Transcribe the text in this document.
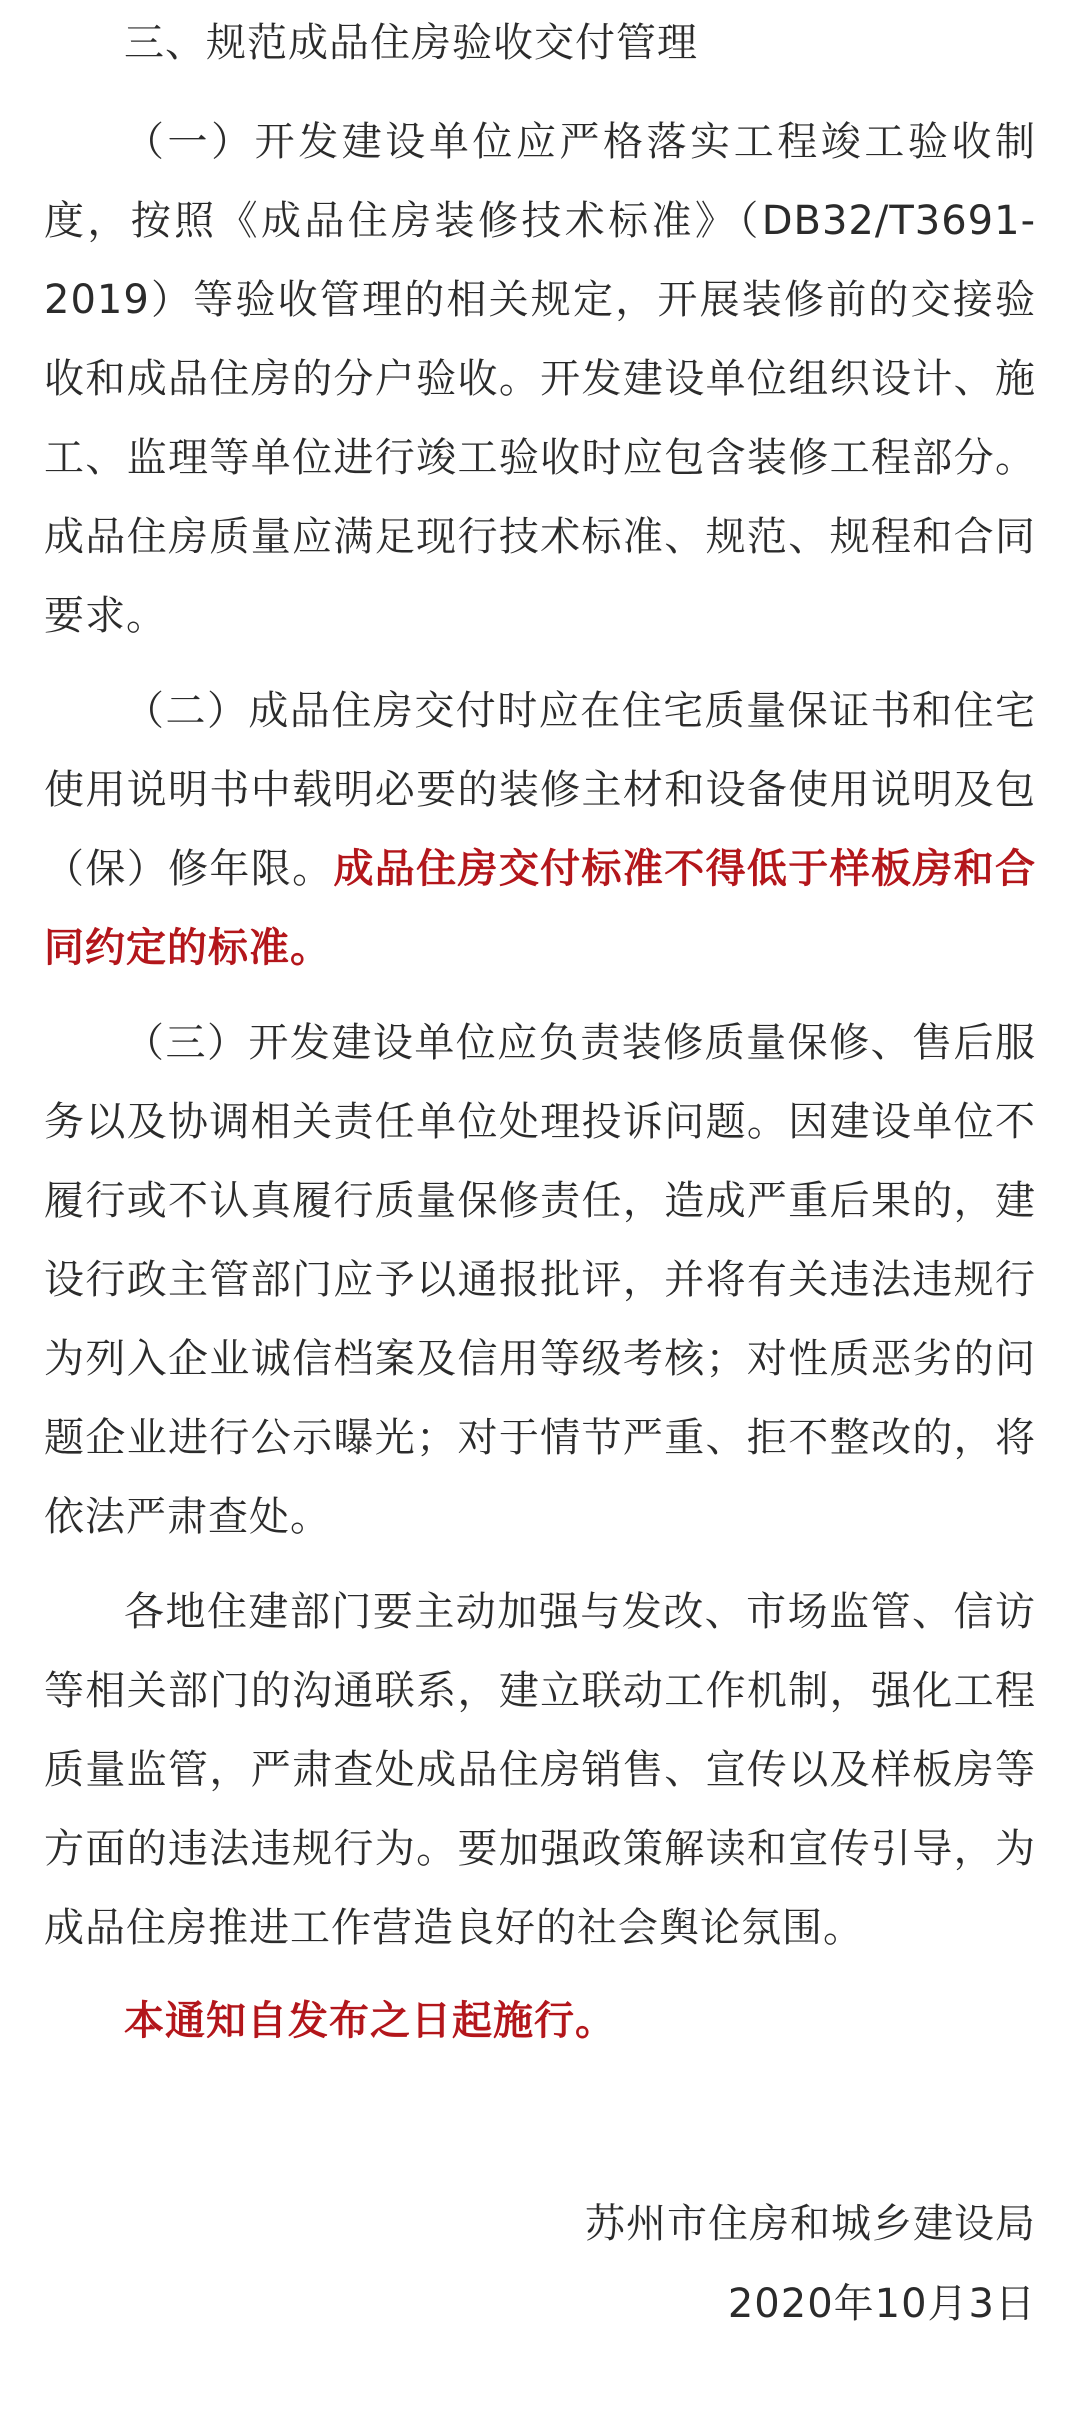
三、规范成品住房验收交付管理

（一）开发建设单位应严格落实工程竣工验收制度，按照《成品住房装修技术标准》（DB32/T3691-2019）等验收管理的相关规定，开展装修前的交接验收和成品住房的分户验收。开发建设单位组织设计、施工、监理等单位进行竣工验收时应包含装修工程部分。成品住房质量应满足现行技术标准、规范、规程和合同要求。

（二）成品住房交付时应在住宅质量保证书和住宅使用说明书中载明必要的装修主材和设备使用说明及包（保）修年限。成品住房交付标准不得低于样板房和合同约定的标准。

（三）开发建设单位应负责装修质量保修、售后服务以及协调相关责任单位处理投诉问题。因建设单位不履行或不认真履行质量保修责任，造成严重后果的，建设行政主管部门应予以通报批评，并将有关违法违规行为列入企业诚信档案及信用等级考核；对性质恶劣的问题企业进行公示曝光；对于情节严重、拒不整改的，将依法严肃查处。

各地住建部门要主动加强与发改、市场监管、信访等相关部门的沟通联系，建立联动工作机制，强化工程质量监管，严肃查处成品住房销售、宣传以及样板房等方面的违法违规行为。要加强政策解读和宣传引导，为成品住房推进工作营造良好的社会舆论氛围。

本通知自发布之日起施行。

苏州市住房和城乡建设局
2020年10月3日
